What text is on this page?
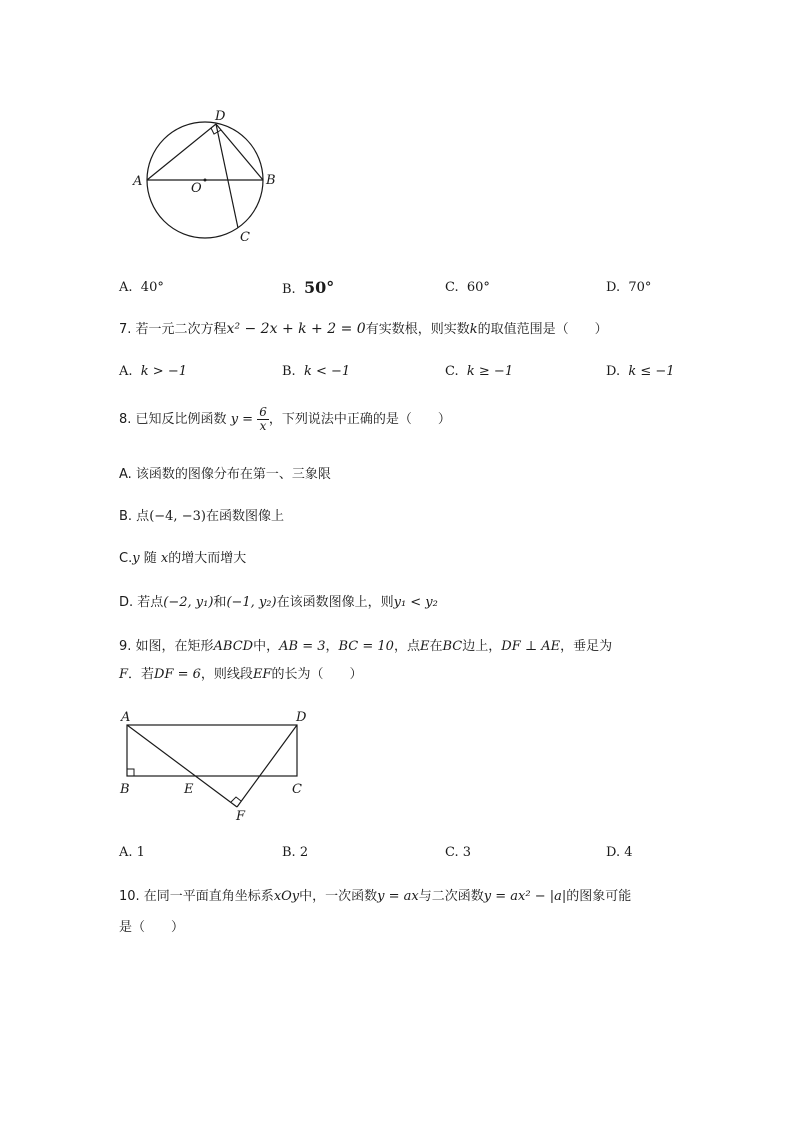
A	B
C
D
O
A. 40°	B. 50°	C. 60°	D. 70°
7. 若一元二次方程x² − 2x + k + 2 = 0有实数根，则实数k的取值范围是（　　）
A. k > −1	B. k < −1	C. k ≥ −1	D. k ≤ −1
8. 已知反比例函数 $y = \frac{6}{x}$ ，下列说法中正确的是（　　）
A. 该函数的图像分布在第一、三象限
B. 点(−4, −3)在函数图像上
C.y 随 x的增大而增大
D. 若点(−2, y₁)和(−1, y₂)在该函数图像上，则y₁ < y₂
9. 如图，在矩形ABCD中，AB = 3，BC = 10，点E在BC边上，DF ⊥ AE，垂足为
F．若DF = 6，则线段EF的长为（　　）
A
B	C
D
E
F
A. 1	B. 2	C. 3	D. 4
10. 在同一平面直角坐标系xOy中，一次函数y = ax与二次函数y = ax² − |a|的图象可能
是（　　）
